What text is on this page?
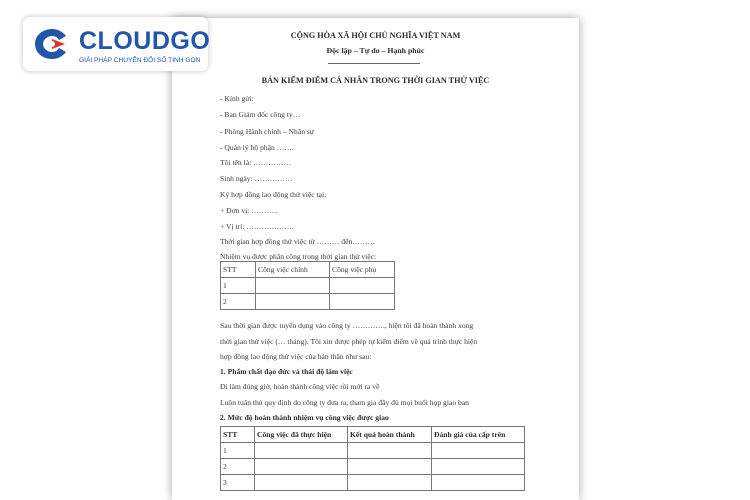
CỘNG HÒA XÃ HỘI CHỦ NGHĨA VIỆT NAM
Độc lập – Tự do – Hạnh phúc
BẢN KIỂM ĐIỂM CÁ NHÂN TRONG THỜI GIAN THỬ VIỆC
- Kính gửi:
- Ban Giám đốc công ty…
- Phòng Hành chính – Nhân sự
- Quản lý bộ phận …….
Tôi tên là: ……………
Sinh ngày: ……………
Ký hợp đồng lao động thử việc tại:
+ Đơn vị: ………..
+ Vị trí: ……………….
Thời gian hợp đồng thử việc từ ……… đến………
Nhiệm vụ được phân công trong thời gian thử việc:
STT	Công việc chính	Công việc phụ
1		
2		
Sau thời gian được tuyển dụng vào công ty …………., hiện tôi đã hoàn thành xong
thời gian thử việc (… tháng). Tôi xin được phép tự kiểm điểm về quá trình thực hiện
hợp đồng lao động thử việc của bản thân như sau:
1. Phẩm chất đạo đức và thái độ làm việc
Đi làm đúng giờ, hoàn thành công việc rồi mới ra về
Luôn tuân thủ quy định do công ty đưa ra, tham gia đầy đủ mọi buổi họp giao ban
2. Mức độ hoàn thành nhiệm vụ công việc được giao
STT	Công việc đã thực hiện	Kết quả hoàn thành	Đánh giá của cấp trên
1			
2			
3			
CLOUDGO
GIẢI PHÁP CHUYỂN ĐỔI SỐ TINH GỌN
